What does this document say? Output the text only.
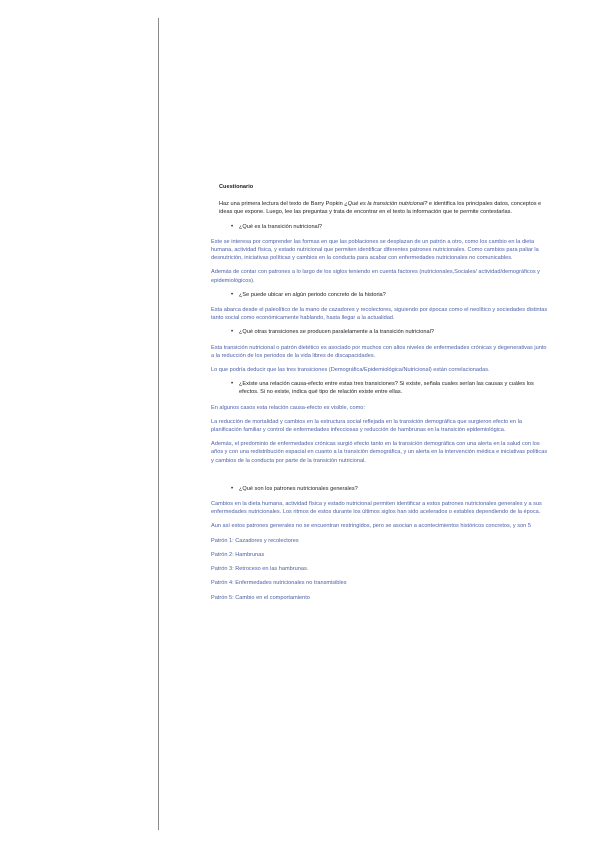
Cuestionario

Haz una primera lectura del texto de Barry Popkin ¿Qué es la transición nutricional? e identifica los principales datos, conceptos e ideas que expone. Luego, lee las preguntas y trata de encontrar en el texto la información que te permite contestarlas.

• ¿Qué es la transición nutricional?

Este se interesa por comprender las formas en que las poblaciones se desplazan de un patrón a otro, como los cambio en la dieta humana, actividad física, y estado nutricional que permiten identificar diferentes patrones nutricionales. Como cambios para paliar la desnutrición, iniciativas políticas y cambios en la conducta para acabar con enfermedades nutricionales no comunicables.

Además de contar con patrones a lo largo de los siglos teniendo en cuenta factores (nutricionales,Sociales/ actividad/demográficos y epidemiológicos).

• ¿Se puede ubicar en algún periodo concreto de la historia?

Esta abarca desde el paleolítico de la mano de cazadores y recolectores, siguiendo por épocas como el neolítico y sociedades distintas tanto social como económicamente hablando, hasta llegar a la actualidad.

• ¿Qué otras transiciones se producen paralelamente a la transición nutricional?

Esta transición nutricional o patrón dietético es asociado por muchos con altos niveles de enfermedades crónicas y degenerativas junto a la reducción de los periodos de la vida libres de discapacidades.

Lo que podría deducir que las tres transiciones (Demográfica/Epidemiológica/Nutricional) están correlacionadas.

• ¿Existe una relación causa-efecto entre estas tres transiciones? Si existe, señala cuales serían las causas y cuáles los efectos. Si no existe, indica qué tipo de relación existe entre ellas.

En algunos casos esta relación causa-efecto es visible, como:

La reducción de mortalidad y cambios en la estructura social reflejada en la transición demográfica que surgieron efecto en la planificación familiar y control de enfermedades infecciosas y reducción de hambrunas en la transición epidemiológica.

Además, el predominio de enfermedades crónicas surgió efecto tanto en la transición demográfica con una alerta en la salud con los años y con una redistribución espacial en cuanto a la transición demográfica, y un alerta en la intervención médica e iniciativas políticas y cambios de la conducta por parte de la transición nutricional.

• ¿Qué son los patrones nutricionales generales?

Cambios en la dieta humana, actividad física y estado nutricional permiten identificar a estos patrones nutricionales generales y a sus enfermedades nutricionales. Los ritmos de estos durante los últimos siglos han sido acelerados o estables dependiendo de la época.

Aun así estos patrones generales no se encuentran restringidos, pero se asocian a acontecimientos históricos concretos, y son 5

Patrón 1: Cazadores y recolectores

Patrón 2: Hambrunas

Patrón 3: Retroceso en las hambrunas.

Patrón 4: Enfermedades nutricionales no transmisibles

Patrón 5: Cambio en el comportamiento
